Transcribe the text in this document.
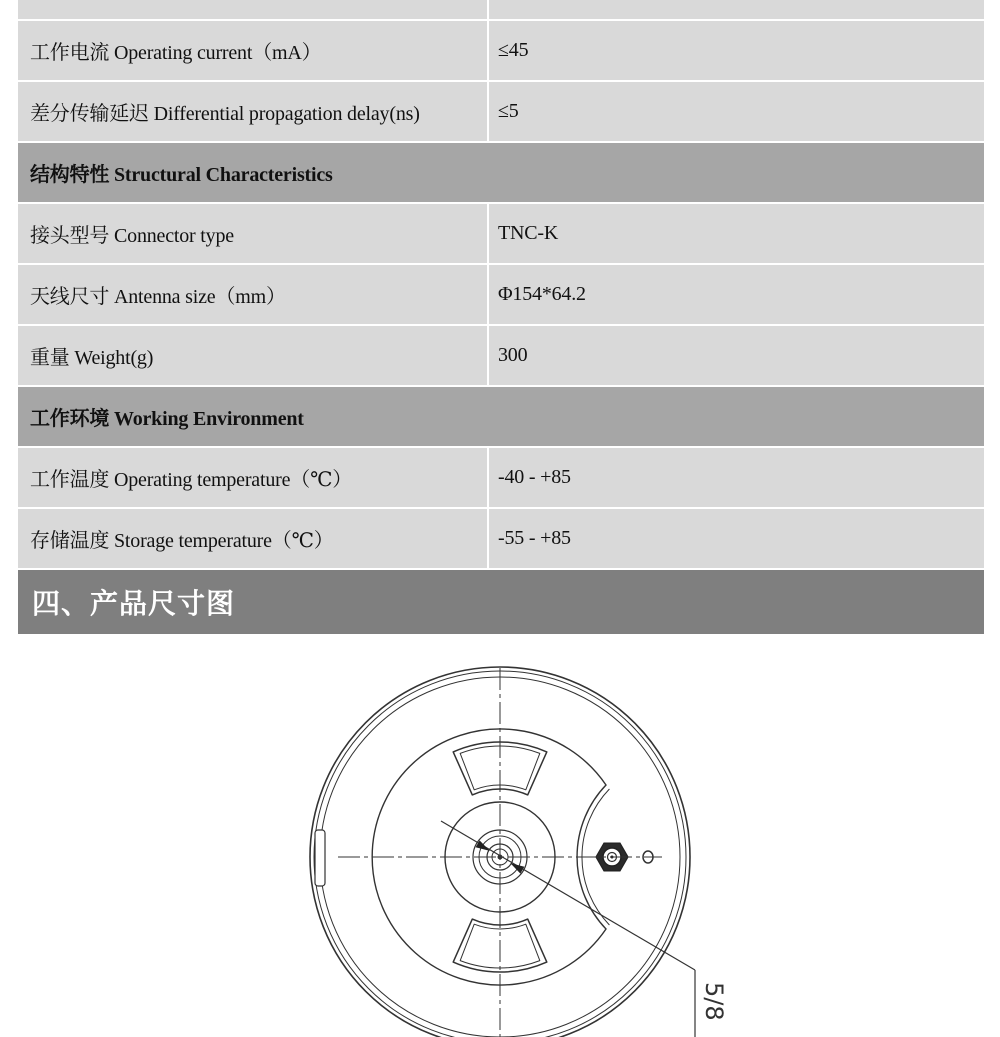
工作电流 Operating current（mA）	≤45
差分传输延迟 Differential propagation delay(ns)	≤5
结构特性 Structural Characteristics
接头型号 Connector type	TNC-K
天线尺寸 Antenna size（mm）	Φ154*64.2
重量 Weight(g)	300
工作环境 Working Environment
工作温度 Operating temperature（℃）	-40 - +85
存储温度 Storage temperature（℃）	-55 - +85
四、产品尺寸图
5/8
